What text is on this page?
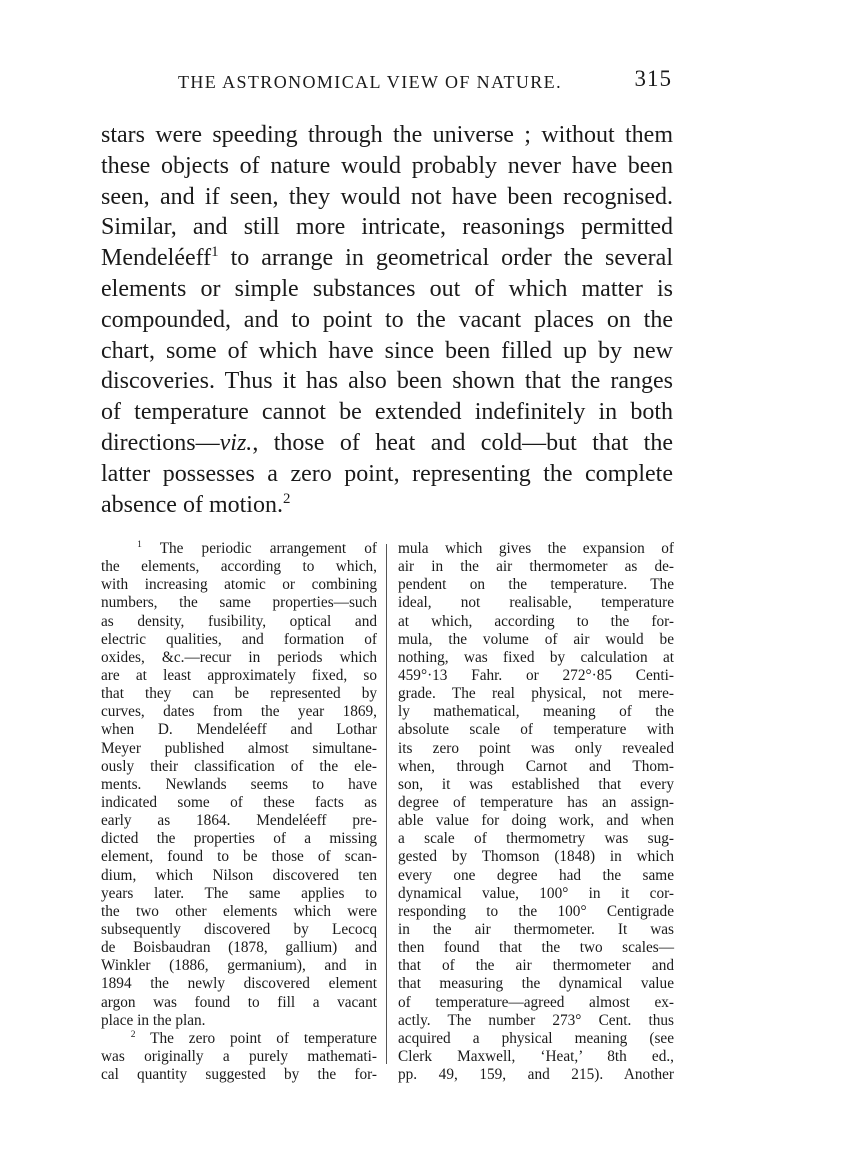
THE ASTRONOMICAL VIEW OF NATURE.	315
stars were speeding through the universe ; without them
these objects of nature would probably never have been
seen, and if seen, they would not have been recognised.
Similar, and still more intricate, reasonings permitted
Mendeléeff$^1$ to arrange in geometrical order the several
elements or simple substances out of which matter is
compounded, and to point to the vacant places on the
chart, some of which have since been filled up by new
discoveries. Thus it has also been shown that the ranges
of temperature cannot be extended indefinitely in both
directions—viz., those of heat and cold—but that the
latter possesses a zero point, representing the complete
absence of motion.$^2$
$^1$ The periodic arrangement of
the elements, according to which,
with increasing atomic or combining
numbers, the same properties—such
as density, fusibility, optical and
electric qualities, and formation of
oxides, &c.—recur in periods which
are at least approximately fixed, so
that they can be represented by
curves, dates from the year 1869,
when D. Mendeléeff and Lothar
Meyer published almost simultane-
ously their classification of the ele-
ments. Newlands seems to have
indicated some of these facts as
early as 1864. Mendeléeff pre-
dicted the properties of a missing
element, found to be those of scan-
dium, which Nilson discovered ten
years later. The same applies to
the two other elements which were
subsequently discovered by Lecocq
de Boisbaudran (1878, gallium) and
Winkler (1886, germanium), and in
1894 the newly discovered element
argon was found to fill a vacant
place in the plan.
$^2$ The zero point of temperature
was originally a purely mathemati-
cal quantity suggested by the for-
mula which gives the expansion of
air in the air thermometer as de-
pendent on the temperature. The
ideal, not realisable, temperature
at which, according to the for-
mula, the volume of air would be
nothing, was fixed by calculation at
459°·13 Fahr. or 272°·85 Centi-
grade. The real physical, not mere-
ly mathematical, meaning of the
absolute scale of temperature with
its zero point was only revealed
when, through Carnot and Thom-
son, it was established that every
degree of temperature has an assign-
able value for doing work, and when
a scale of thermometry was sug-
gested by Thomson (1848) in which
every one degree had the same
dynamical value, 100° in it cor-
responding to the 100° Centigrade
in the air thermometer. It was
then found that the two scales—
that of the air thermometer and
that measuring the dynamical value
of temperature—agreed almost ex-
actly. The number 273° Cent. thus
acquired a physical meaning (see
Clerk Maxwell, ‘Heat,’ 8th ed.,
pp. 49, 159, and 215). Another
